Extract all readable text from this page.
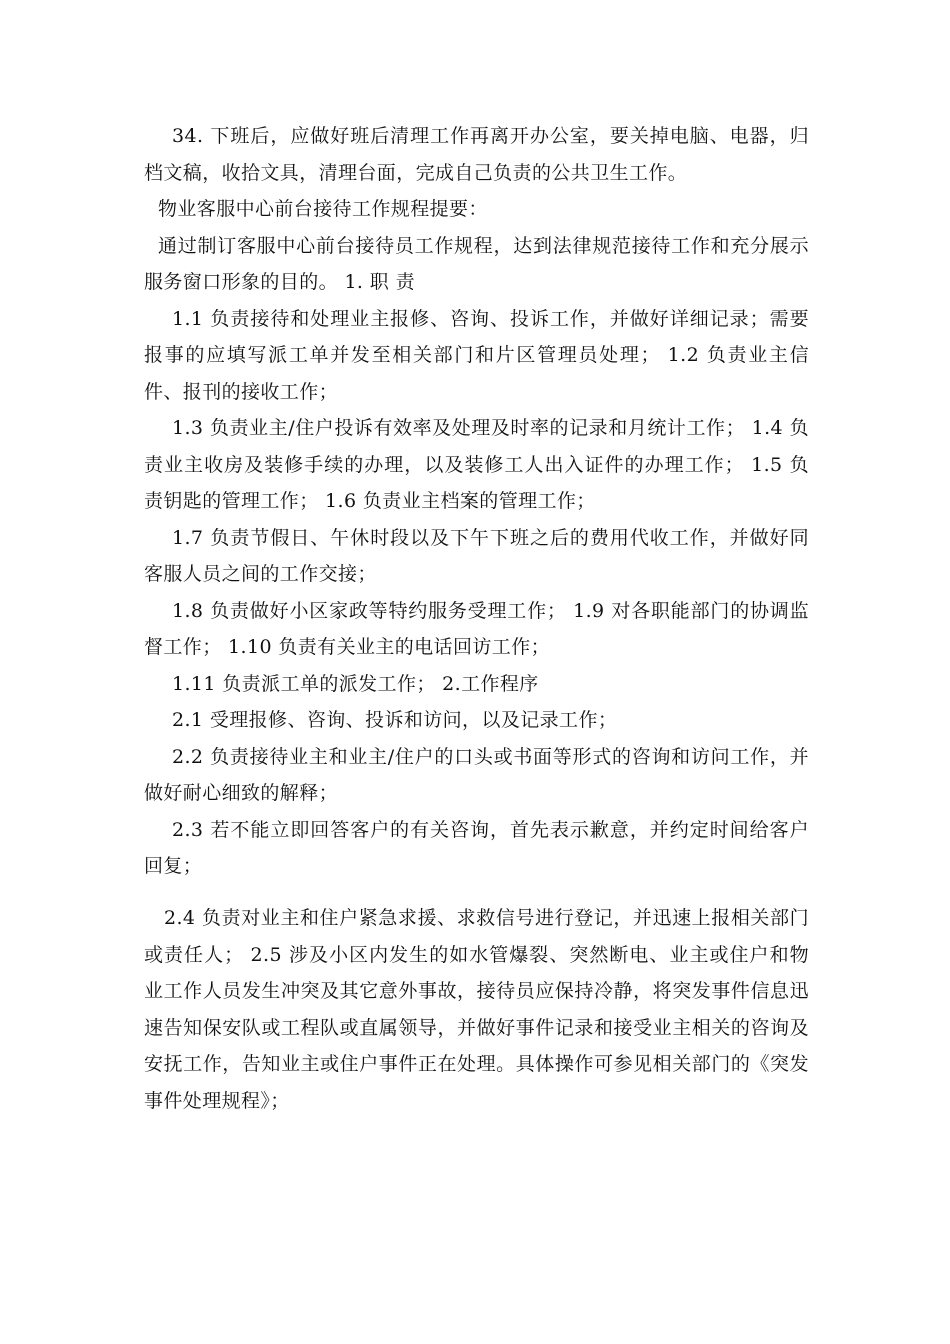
34. 下班后，应做好班后清理工作再离开办公室，要关掉电脑、电器，归档文稿，收拾文具，清理台面，完成自己负责的公共卫生工作。

物业客服中心前台接待工作规程提要：

通过制订客服中心前台接待员工作规程，达到法律规范接待工作和充分展示服务窗口形象的目的。 1. 职 责

1.1 负责接待和处理业主报修、咨询、投诉工作，并做好详细记录；需要报事的应填写派工单并发至相关部门和片区管理员处理； 1.2 负责业主信件、报刊的接收工作；

1.3 负责业主/住户投诉有效率及处理及时率的记录和月统计工作； 1.4 负责业主收房及装修手续的办理，以及装修工人出入证件的办理工作； 1.5 负责钥匙的管理工作； 1.6 负责业主档案的管理工作；

1.7 负责节假日、午休时段以及下午下班之后的费用代收工作，并做好同客服人员之间的工作交接；

1.8 负责做好小区家政等特约服务受理工作； 1.9 对各职能部门的协调监督工作； 1.10 负责有关业主的电话回访工作；

1.11 负责派工单的派发工作； 2.工作程序

2.1 受理报修、咨询、投诉和访问，以及记录工作；

2.2 负责接待业主和业主/住户的口头或书面等形式的咨询和访问工作，并做好耐心细致的解释；

2.3 若不能立即回答客户的有关咨询，首先表示歉意，并约定时间给客户回复；

2.4 负责对业主和住户紧急求援、求救信号进行登记，并迅速上报相关部门或责任人； 2.5 涉及小区内发生的如水管爆裂、突然断电、业主或住户和物业工作人员发生冲突及其它意外事故，接待员应保持冷静，将突发事件信息迅速告知保安队或工程队或直属领导，并做好事件记录和接受业主相关的咨询及安抚工作，告知业主或住户事件正在处理。具体操作可参见相关部门的《突发事件处理规程》；
